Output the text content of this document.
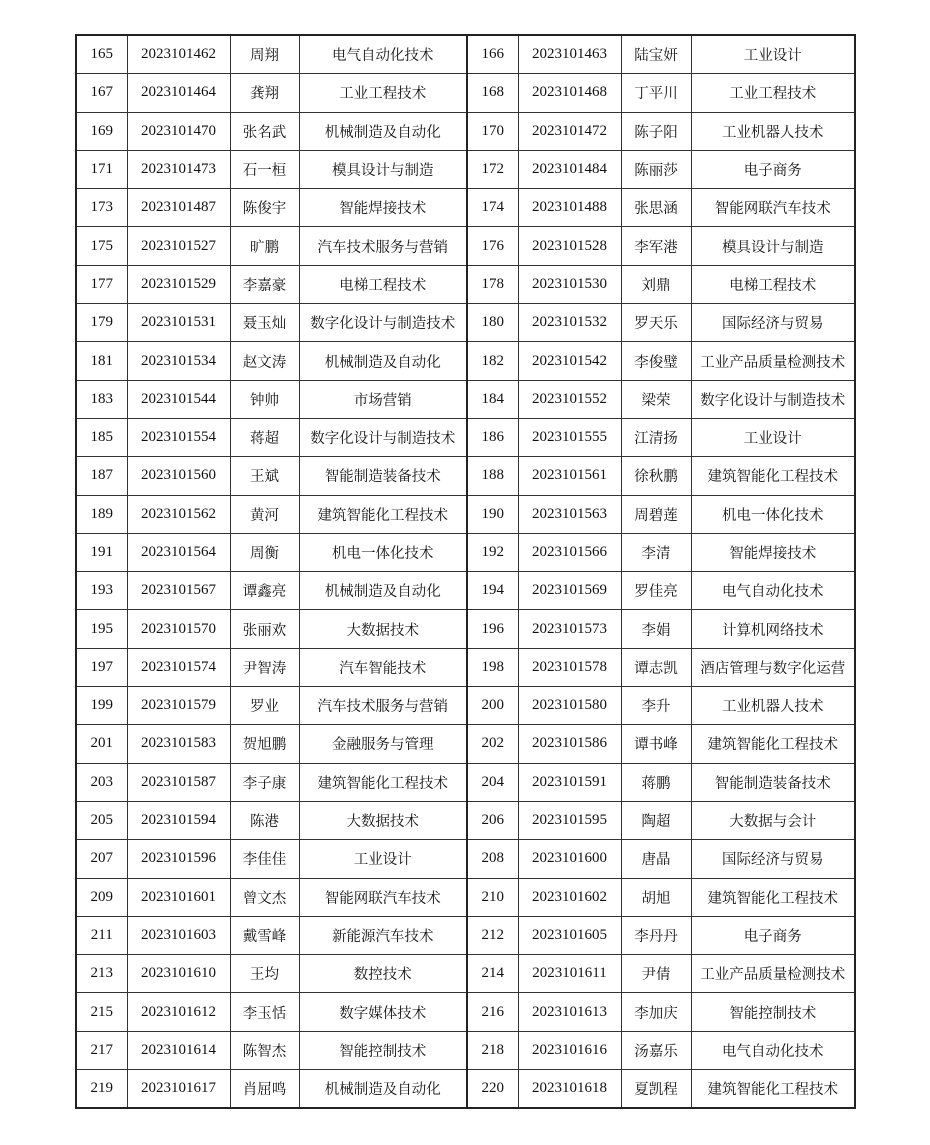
165	2023101462	周翔	电气自动化技术	166	2023101463	陆宝妍	工业设计
167	2023101464	龚翔	工业工程技术	168	2023101468	丁平川	工业工程技术
169	2023101470	张名武	机械制造及自动化	170	2023101472	陈子阳	工业机器人技术
171	2023101473	石一桓	模具设计与制造	172	2023101484	陈丽莎	电子商务
173	2023101487	陈俊宇	智能焊接技术	174	2023101488	张思涵	智能网联汽车技术
175	2023101527	旷鹏	汽车技术服务与营销	176	2023101528	李军港	模具设计与制造
177	2023101529	李嘉豪	电梯工程技术	178	2023101530	刘鼎	电梯工程技术
179	2023101531	聂玉灿	数字化设计与制造技术	180	2023101532	罗天乐	国际经济与贸易
181	2023101534	赵文涛	机械制造及自动化	182	2023101542	李俊璧	工业产品质量检测技术
183	2023101544	钟帅	市场营销	184	2023101552	梁荣	数字化设计与制造技术
185	2023101554	蒋超	数字化设计与制造技术	186	2023101555	江清扬	工业设计
187	2023101560	王斌	智能制造装备技术	188	2023101561	徐秋鹏	建筑智能化工程技术
189	2023101562	黄河	建筑智能化工程技术	190	2023101563	周碧莲	机电一体化技术
191	2023101564	周衡	机电一体化技术	192	2023101566	李清	智能焊接技术
193	2023101567	谭鑫亮	机械制造及自动化	194	2023101569	罗佳亮	电气自动化技术
195	2023101570	张丽欢	大数据技术	196	2023101573	李娟	计算机网络技术
197	2023101574	尹智涛	汽车智能技术	198	2023101578	谭志凯	酒店管理与数字化运营
199	2023101579	罗业	汽车技术服务与营销	200	2023101580	李升	工业机器人技术
201	2023101583	贺旭鹏	金融服务与管理	202	2023101586	谭书峰	建筑智能化工程技术
203	2023101587	李子康	建筑智能化工程技术	204	2023101591	蒋鹏	智能制造装备技术
205	2023101594	陈港	大数据技术	206	2023101595	陶超	大数据与会计
207	2023101596	李佳佳	工业设计	208	2023101600	唐晶	国际经济与贸易
209	2023101601	曾文杰	智能网联汽车技术	210	2023101602	胡旭	建筑智能化工程技术
211	2023101603	戴雪峰	新能源汽车技术	212	2023101605	李丹丹	电子商务
213	2023101610	王均	数控技术	214	2023101611	尹倩	工业产品质量检测技术
215	2023101612	李玉恬	数字媒体技术	216	2023101613	李加庆	智能控制技术
217	2023101614	陈智杰	智能控制技术	218	2023101616	汤嘉乐	电气自动化技术
219	2023101617	肖屈鸣	机械制造及自动化	220	2023101618	夏凯程	建筑智能化工程技术
